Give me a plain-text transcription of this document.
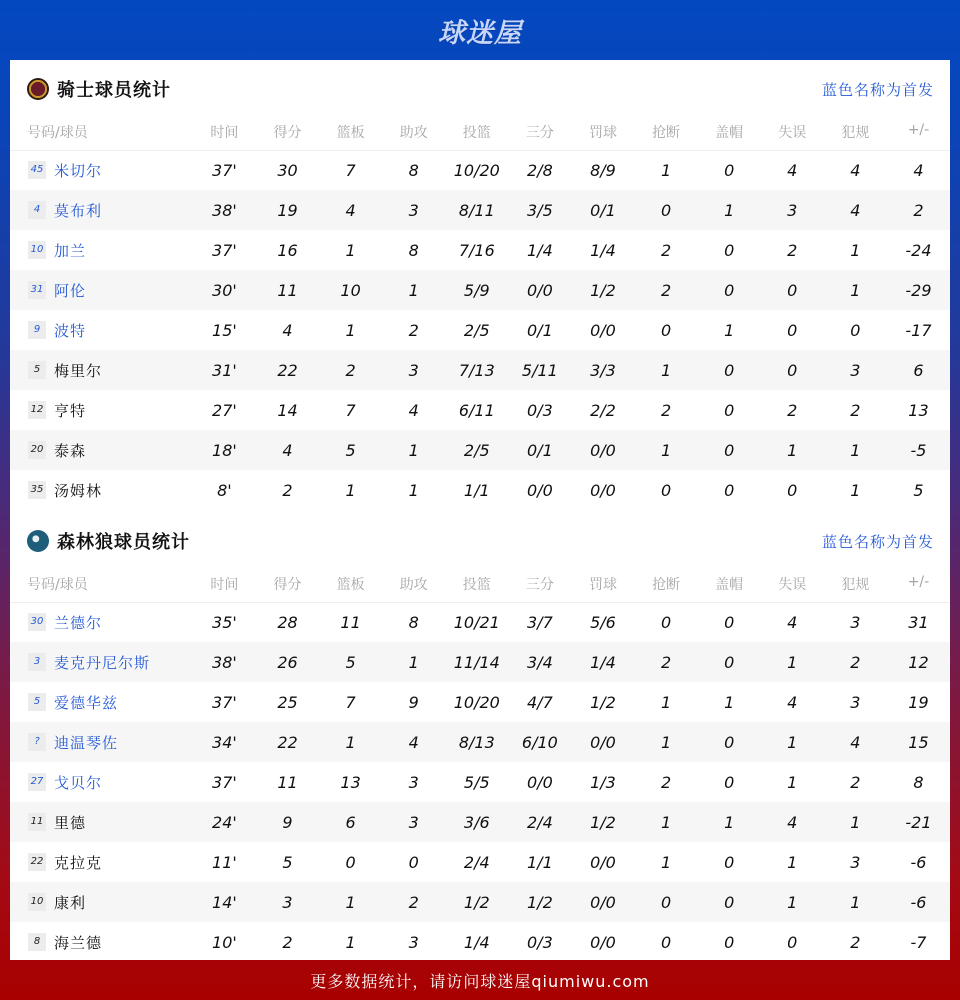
球迷屋
骑士球员统计	蓝色名称为首发
号码/球员	时间	得分	篮板	助攻	投篮	三分	罚球	抢断	盖帽	失误	犯规	+/-
45 米切尔	37'	30	7	8	10/20	2/8	8/9	1	0	4	4	4
4 莫布利	38'	19	4	3	8/11	3/5	0/1	0	1	3	4	2
10 加兰	37'	16	1	8	7/16	1/4	1/4	2	0	2	1	-24
31 阿伦	30'	11	10	1	5/9	0/0	1/2	2	0	0	1	-29
9 波特	15'	4	1	2	2/5	0/1	0/0	0	1	0	0	-17
5 梅里尔	31'	22	2	3	7/13	5/11	3/3	1	0	0	3	6
12 亨特	27'	14	7	4	6/11	0/3	2/2	2	0	2	2	13
20 泰森	18'	4	5	1	2/5	0/1	0/0	1	0	1	1	-5
35 汤姆林	8'	2	1	1	1/1	0/0	0/0	0	0	0	1	5
森林狼球员统计	蓝色名称为首发
号码/球员	时间	得分	篮板	助攻	投篮	三分	罚球	抢断	盖帽	失误	犯规	+/-
30 兰德尔	35'	28	11	8	10/21	3/7	5/6	0	0	4	3	31
3 麦克丹尼尔斯	38'	26	5	1	11/14	3/4	1/4	2	0	1	2	12
5 爱德华兹	37'	25	7	9	10/20	4/7	1/2	1	1	4	3	19
? 迪温琴佐	34'	22	1	4	8/13	6/10	0/0	1	0	1	4	15
27 戈贝尔	37'	11	13	3	5/5	0/0	1/3	2	0	1	2	8
11 里德	24'	9	6	3	3/6	2/4	1/2	1	1	4	1	-21
22 克拉克	11'	5	0	0	2/4	1/1	0/0	1	0	1	3	-6
10 康利	14'	3	1	2	1/2	1/2	0/0	0	0	1	1	-6
8 海兰德	10'	2	1	3	1/4	0/3	0/0	0	0	0	2	-7
更多数据统计，请访问球迷屋qiumiwu.com
